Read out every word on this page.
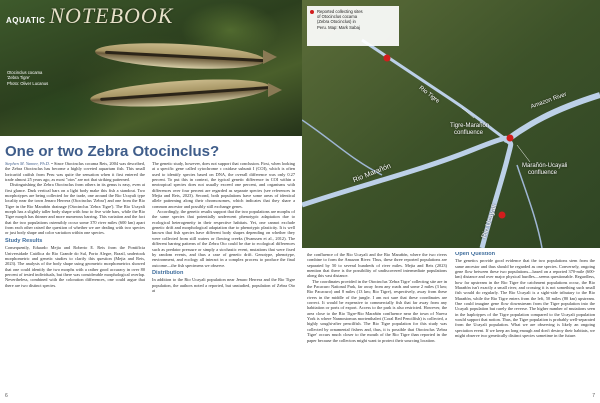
AQUATIC NOTEBOOK
Otocinclus cocama
'Zebra Tigre'
Photo: Oliver Lucanus
Reported collecting sites
of Otocinclus cocama
(Zebra Otocinclus) in
Peru. Map: Mark Sabaj
Rio Tigre	Amazon River
Tigre-Marañón
confluence
Marañón-Ucayali
confluence
Rio Marañón
Rio Ucayali
One or two Zebra Otocinclus?

Stephen M. Yanner, Ph.D. • Since Otocinclus cocama Reis, 2004 was described, the Zebra Otocinclus has become a highly coveted aquarium fish. This small loricariid catfish from Peru was quite the sensation when it first entered the trade almost 25 years ago, as most "otos" are not that striking patterned.

Distinguishing the Zebra Otocinclus from others in its genus is easy, even at first glance. Dark vertical bars on a light body make this fish a standout. Two morphotypes are being collected for the trade, one around the Rio Ucayali type locality near the town Jenaro Herrera (Otocinclus 'Zebra') and one from the Rio Tigre in the Rio Marañón drainage (Otocinclus 'Zebra Tigre'). The Rio Ucayali morph has a slightly taller body shape with four to five wide bars, while the Rio Tigre morph has thinner and more numerous barring. This variation and the fact that the two populations ostensibly occur some 370 river miles (600 km) apart from each other raised the question of whether we are dealing with two species or just body shape and color variation within one species.

Study Results

Consequently, Eduardo Mejia and Roberto E. Reis from the Pontifícia Universidade Católica do Rio Grande do Sul, Porto Alegre, Brazil, undertook morphometric and genetic studies to clarify this question (Mejia and Reis, 2023). The analysis of the body shape using geometric morphometrics showed that one could identify the two morphs with a rather good accuracy in over 80 percent of tested individuals, but there was considerable morphological overlap. Nevertheless, combined with the coloration differences, one could argue that there are two distinct species.

The genetic study, however, does not support that conclusion. First, when looking at a specific gene called cytochrome c oxidase subunit I (COI), which is often used to identify species based on DNA, the overall difference was only 0.27 percent. To put this in context, the typical genetic difference in COI within a neotropical species does not usually exceed one percent, and organisms with differences over four percent are regarded as separate species (see references in Mejia and Reis, 2023). Second, both populations have some areas of identical allele patterning along their chromosomes, which indicates that they share a common ancestor and possibly still exchange genes.

Accordingly, the genetic results support that the two populations are morphs of the same species that potentially underwent phenotypic adaptation due to ecological heterogeneity in their respective habitats. Yet, one cannot exclude genetic drift and morphological adaptation due to phenotypic plasticity. It is well known that fish species have different body shapes depending on whether they were collected from still waters or flowing creeks (Svanssen et al., 2012). The different barring patterns of the Zebra Oto could be due to ecological differences such as predator pressure or simply a stochastic event, mutations that were fixed by random events, and thus a case of genetic drift. Genotype, phenotype, environment, and ecology all interact in a complex process to produce the final outcome—the fish specimens we observe.

Distribution

In addition to the Rio Ucayali population near Jenaro Herrera and the Rio Tigre population, the authors noted a reported, but unstudied, population of Zebra Oto at

the confluence of the Rio Ucayali and the Rio Marañón, where the two rivers combine to form the Amazon River. Thus, these three reported populations are separated by 50 to several hundreds of river miles. Mejia and Reis (2023) mention that there is the possibility of undiscovered intermediate populations along this vast distance.

The coordinates provided in the Otocinclus 'Zebra Tigre' collecting site are in the Pacacuro National Park, far away from any roads and some 2 miles (3 km; Rio Pacacuro) and 8 miles (13 km; Rio Tigre), respectively, away from these rivers in the middle of the jungle. I am not sure that these coordinates are correct. It would be expensive to commercially fish that far away from any habitation or ports of export. Access to the park is also restricted. However, the area close to the Rio Tigre-Rio Marañón confluence near the town of Nueva York is where Nannostomus mortenthaleri (Coral Red Pencilfish) is collected, a highly sought-after pencilfish. The Rio Tigre population for this study was collected by ornamental fishers and, thus, it is possible that Otocinclus 'Zebra Tigre' occurs much closer to the mouth of the Rio Tigre than reported in the paper because the collectors might want to protect their sourcing location.

Open Question

The genetics provide good evidence that the two populations stem from the same ancestor and thus should be regarded as one species. Conversely, ongoing gene flow between these two populations—based on a reported 370-mile (600-km) distance and over major physical hurdles—seems questionable. Regardless, how far upstream in the Rio Tigre the catchment populations occur, the Rio Marañón isn't exactly a small river, and crossing it is not something such small fish would do regularly. The Rio Ucayali is a sight-side tributary to the Rio Marañón, while the Rio Tigre enters from the left, 50 miles (80 km) upstream. One could imagine gene flow downstream from the Tigre population into the Ucayali population but rarely the reverse. The higher number of mutations seen in the haplotypes of the Tigre population compared to the Ucayali population would support that notion. Thus, the Tigre population is probably well-separated from the Ucayali population. What we are observing is likely an ongoing speciation event. If we keep an long enough and don't destroy their habitats, we might observe two genetically distinct species sometime in the future.

6	7
